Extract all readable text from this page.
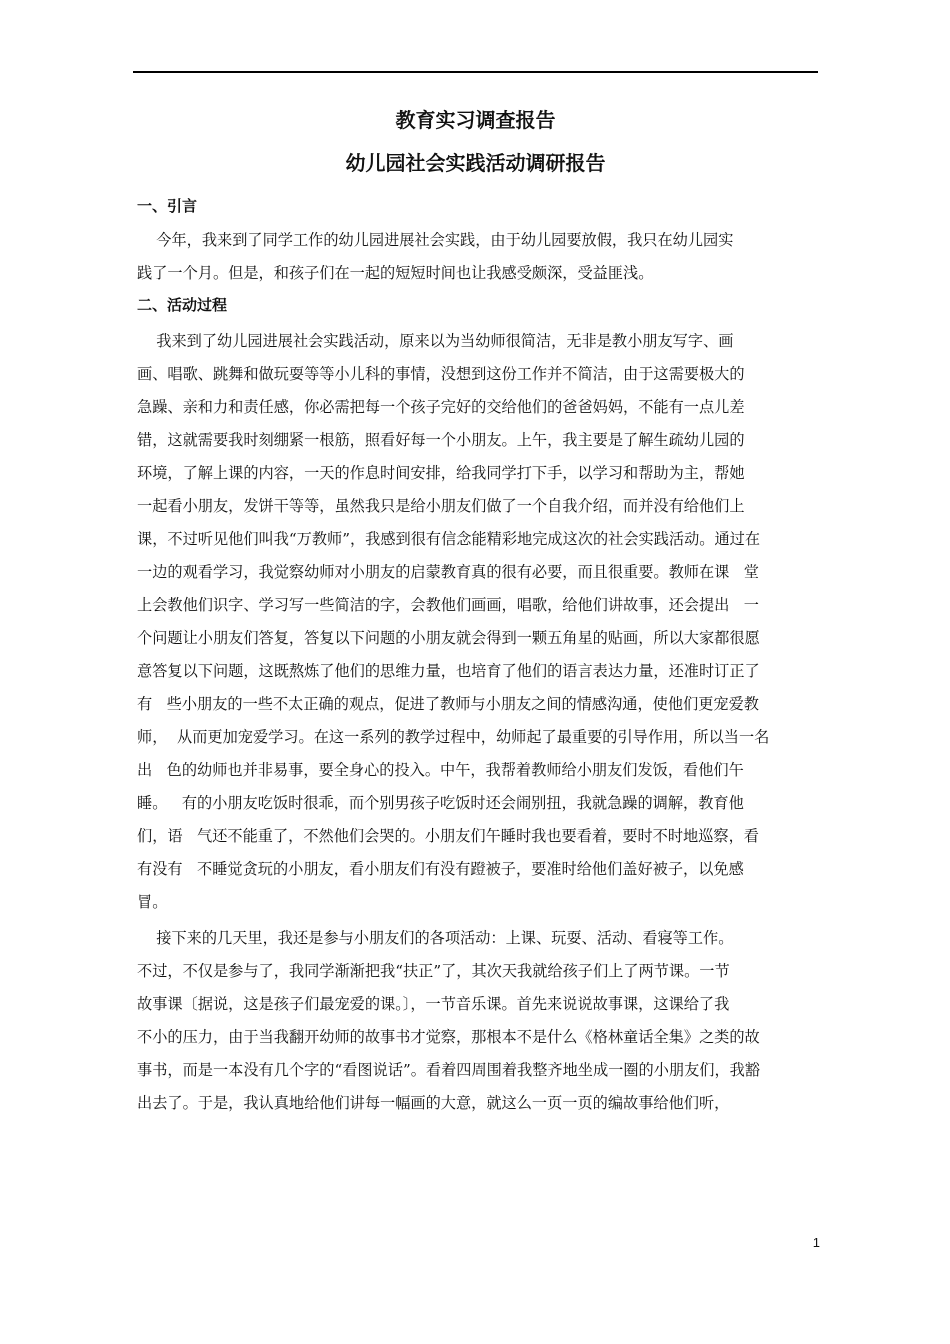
教育实习调查报告
幼儿园社会实践活动调研报告
一、引言

今年，我来到了同学工作的幼儿园进展社会实践，由于幼儿园要放假，我只在幼儿园实

践了一个月。但是，和孩子们在一起的短短时间也让我感受颇深，受益匪浅。

二、活动过程

我来到了幼儿园进展社会实践活动，原来以为当幼师很简洁，无非是教小朋友写字、画

画、唱歌、跳舞和做玩耍等等小儿科的事情，没想到这份工作并不简洁，由于这需要极大的

急躁、亲和力和责任感，你必需把每一个孩子完好的交给他们的爸爸妈妈，不能有一点儿差

错，这就需要我时刻绷紧一根筋，照看好每一个小朋友。上午，我主要是了解生疏幼儿园的

环境，了解上课的内容，一天的作息时间安排，给我同学打下手，以学习和帮助为主，帮她

一起看小朋友，发饼干等等，虽然我只是给小朋友们做了一个自我介绍，而并没有给他们上

课，不过听见他们叫我“万教师”，我感到很有信念能精彩地完成这次的社会实践活动。通过在

一边的观看学习，我觉察幼师对小朋友的启蒙教育真的很有必要，而且很重要。教师在课   堂

上会教他们识字、学习写一些简洁的字，会教他们画画，唱歌，给他们讲故事，还会提出   一

个问题让小朋友们答复，答复以下问题的小朋友就会得到一颗五角星的贴画，所以大家都很愿

意答复以下问题，这既熬炼了他们的思维力量，也培育了他们的语言表达力量，还准时订正了

有   些小朋友的一些不太正确的观点，促进了教师与小朋友之间的情感沟通，使他们更宠爱教

师，  从而更加宠爱学习。在这一系列的教学过程中，幼师起了最重要的引导作用，所以当一名

出   色的幼师也并非易事，要全身心的投入。中午，我帮着教师给小朋友们发饭，看他们午

睡。   有的小朋友吃饭时很乖，而个别男孩子吃饭时还会闹别扭，我就急躁的调解，教育他

们，语   气还不能重了，不然他们会哭的。小朋友们午睡时我也要看着，要时不时地巡察，看

有没有   不睡觉贪玩的小朋友，看小朋友们有没有蹬被子，要准时给他们盖好被子，以免感

冒。

接下来的几天里，我还是参与小朋友们的各项活动：上课、玩耍、活动、看寝等工作。

不过，不仅是参与了，我同学渐渐把我“扶正”了，其次天我就给孩子们上了两节课。一节

故事课〔据说，这是孩子们最宠爱的课。〕，一节音乐课。首先来说说故事课，这课给了我

不小的压力，由于当我翻开幼师的故事书才觉察，那根本不是什么《格林童话全集》之类的故

事书，而是一本没有几个字的“看图说话”。看着四周围着我整齐地坐成一圈的小朋友们，我豁

出去了。于是，我认真地给他们讲每一幅画的大意，就这么一页一页的编故事给他们听，

1
